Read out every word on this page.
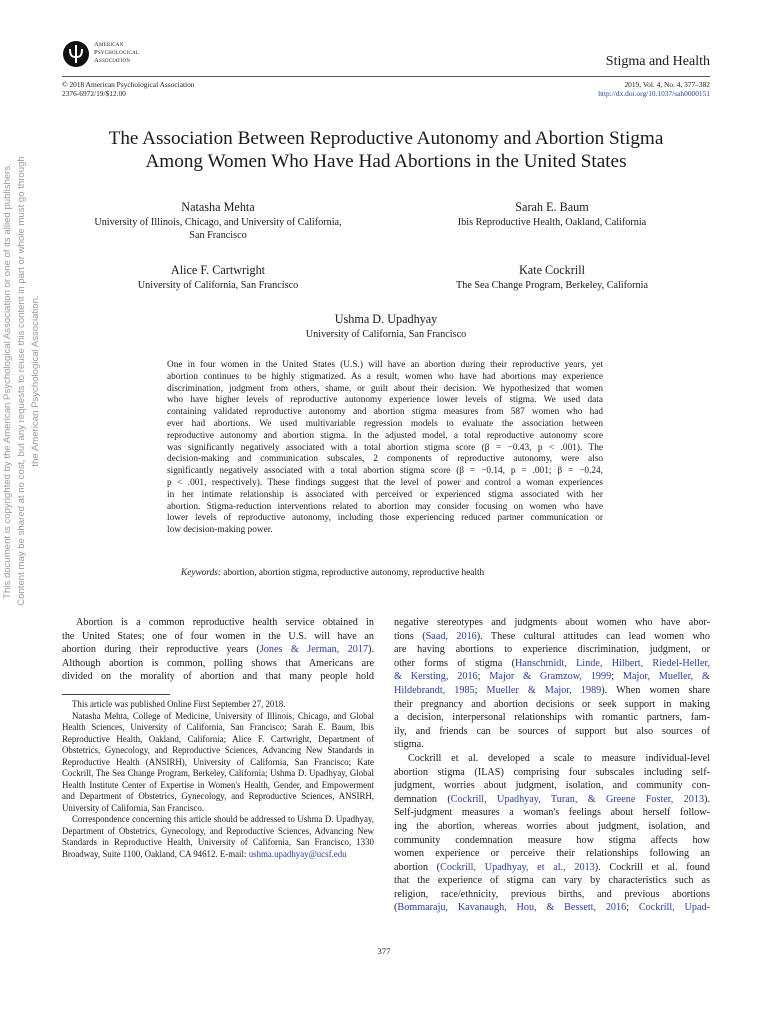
American
Psychological
Association	Stigma and Health
© 2018 American Psychological Association
2376-6972/19/$12.00
2019, Vol. 4, No. 4, 377–382
http://dx.doi.org/10.1037/sah0000151
The Association Between Reproductive Autonomy and Abortion Stigma
Among Women Who Have Had Abortions in the United States
Natasha Mehta
University of Illinois, Chicago, and University of California,
San Francisco
Sarah E. Baum
Ibis Reproductive Health, Oakland, California
Alice F. Cartwright
University of California, San Francisco
Kate Cockrill
The Sea Change Program, Berkeley, California
Ushma D. Upadhyay
University of California, San Francisco
One in four women in the United States (U.S.) will have an abortion during their reproductive years, yet
abortion continues to be highly stigmatized. As a result, women who have had abortions may experience
discrimination, judgment from others, shame, or guilt about their decision. We hypothesized that women
who have higher levels of reproductive autonomy experience lower levels of stigma. We used data
containing validated reproductive autonomy and abortion stigma measures from 587 women who had
ever had abortions. We used multivariable regression models to evaluate the association between
reproductive autonomy and abortion stigma. In the adjusted model, a total reproductive autonomy score
was significantly negatively associated with a total abortion stigma score (β = −0.43, p < .001). The
decision-making and communication subscales, 2 components of reproductive autonomy, were also
significantly negatively associated with a total abortion stigma score (β = −0.14, p = .001; β = −0.24,
p < .001, respectively). These findings suggest that the level of power and control a woman experiences
in her intimate relationship is associated with perceived or experienced stigma associated with her
abortion. Stigma-reduction interventions related to abortion may consider focusing on women who have
lower levels of reproductive autonomy, including those experiencing reduced partner communication or
low decision-making power.
Keywords: abortion, abortion stigma, reproductive autonomy, reproductive health
Abortion is a common reproductive health service obtained in
the United States; one of four women in the U.S. will have an
abortion during their reproductive years (Jones & Jerman, 2017).
Although abortion is common, polling shows that Americans are
divided on the morality of abortion and that many people hold

This article was published Online First September 27, 2018.

Natasha Mehta, College of Medicine, University of Illinois, Chicago, and Global Health Sciences, University of California, San Francisco; Sarah E. Baum, Ibis Reproductive Health, Oakland, California; Alice F. Cartwright, Department of Obstetrics, Gynecology, and Reproductive Sciences, Advancing New Standards in Reproductive Health (ANSIRH), University of California, San Francisco; Kate Cockrill, The Sea Change Program, Berkeley, California; Ushma D. Upadhyay, Global Health Institute Center of Expertise in Women's Health, Gender, and Empowerment and Department of Obstetrics, Gynecology, and Reproductive Sciences, ANSIRH, University of California, San Francisco.

Correspondence concerning this article should be addressed to Ushma D. Upadhyay, Department of Obstetrics, Gynecology, and Reproductive Sciences, Advancing New Standards in Reproductive Health, University of California, San Francisco, 1330 Broadway, Suite 1100, Oakland, CA 94612. E-mail: ushma.upadhyay@ucsf.edu

negative stereotypes and judgments about women who have abor-
tions (Saad, 2016). These cultural attitudes can lead women who
are having abortions to experience discrimination, judgment, or
other forms of stigma (Hanschmidt, Linde, Hilbert, Riedel-Heller,
& Kersting, 2016; Major & Gramzow, 1999; Major, Mueller, &
Hildebrandt, 1985; Mueller & Major, 1989). When women share
their pregnancy and abortion decisions or seek support in making
a decision, interpersonal relationships with romantic partners, fam-
ily, and friends can be sources of support but also sources of
stigma.
Cockrill et al. developed a scale to measure individual-level
abortion stigma (ILAS) comprising four subscales including self-
judgment, worries about judgment, isolation, and community con-
demnation (Cockrill, Upadhyay, Turan, & Greene Foster, 2013).
Self-judgment measures a woman's feelings about herself follow-
ing the abortion, whereas worries about judgment, isolation, and
community condemnation measure how stigma affects how
women experience or perceive their relationships following an
abortion (Cockrill, Upadhyay, et al., 2013). Cockrill et al. found
that the experience of stigma can vary by characteristics such as
religion, race/ethnicity, previous births, and previous abortions
(Bommaraju, Kavanaugh, Hou, & Bessett, 2016; Cockrill, Upad-
377
This document is copyrighted by the American Psychological Association or one of its allied publishers. Content may be shared at no cost, but any requests to reuse this content in part or whole must go through the American Psychological Association.
